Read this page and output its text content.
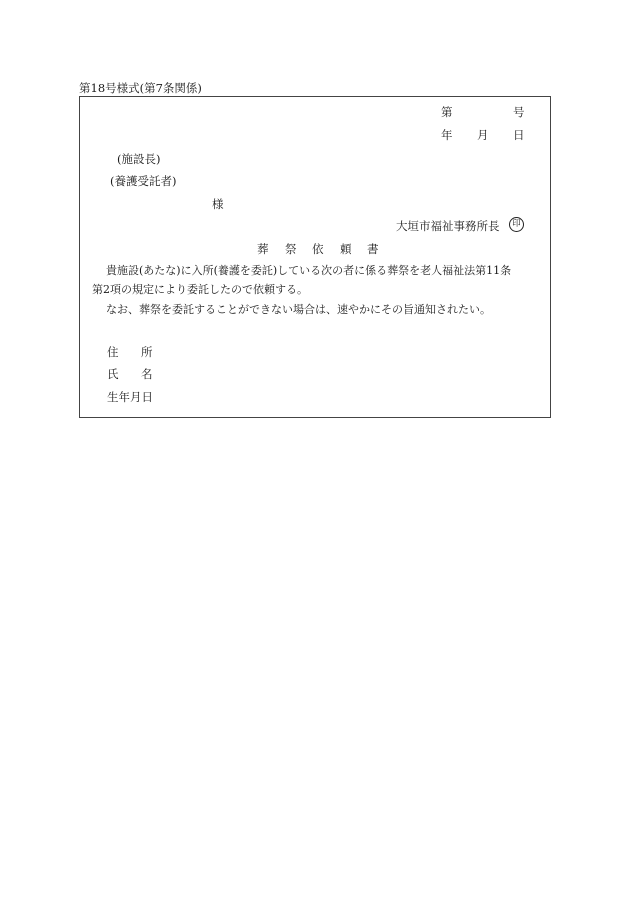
第18号様式(第7条関係)
第	号
年 月 日
(施設長)
(養護受託者)
様
大垣市福祉事務所長	印
葬 祭 依 頼 書
貴施設(あたな)に入所(養護を委託)している次の者に係る葬祭を老人福祉法第11条
第2項の規定により委託したので依頼する。
なお、葬祭を委託することができない場合は、速やかにその旨通知されたい。
住 所
氏 名
生年月日
